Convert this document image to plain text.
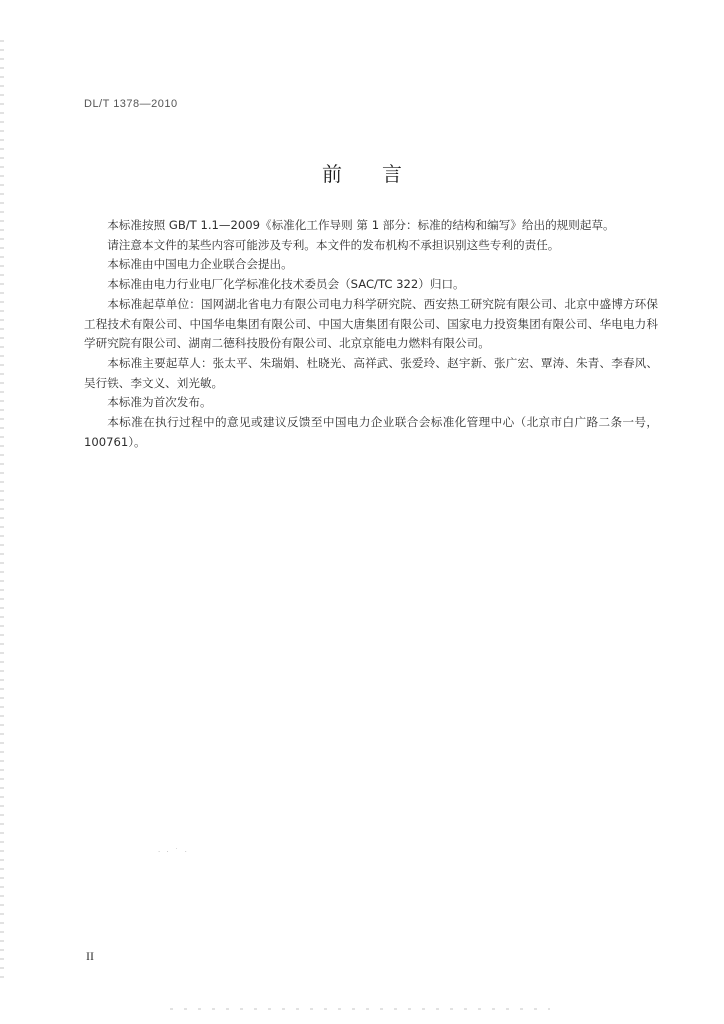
DL/T 1378—2010
前言

本标准按照 GB/T 1.1—2009《标准化工作导则 第 1 部分：标准的结构和编写》给出的规则起草。

请注意本文件的某些内容可能涉及专利。本文件的发布机构不承担识别这些专利的责任。

本标准由中国电力企业联合会提出。

本标准由电力行业电厂化学标准化技术委员会（SAC/TC 322）归口。

本标准起草单位：国网湖北省电力有限公司电力科学研究院、西安热工研究院有限公司、北京中盛博方环保工程技术有限公司、中国华电集团有限公司、中国大唐集团有限公司、国家电力投资集团有限公司、华电电力科学研究院有限公司、湖南二德科技股份有限公司、北京京能电力燃料有限公司。

本标准主要起草人：张太平、朱瑞娟、杜晓光、高祥武、张爱玲、赵宇新、张广宏、覃涛、朱青、李春风、吴行铁、李文义、刘光敏。

本标准为首次发布。

本标准在执行过程中的意见或建议反馈至中国电力企业联合会标准化管理中心（北京市白广路二条一号，100761）。

· · ˙ ·
II
